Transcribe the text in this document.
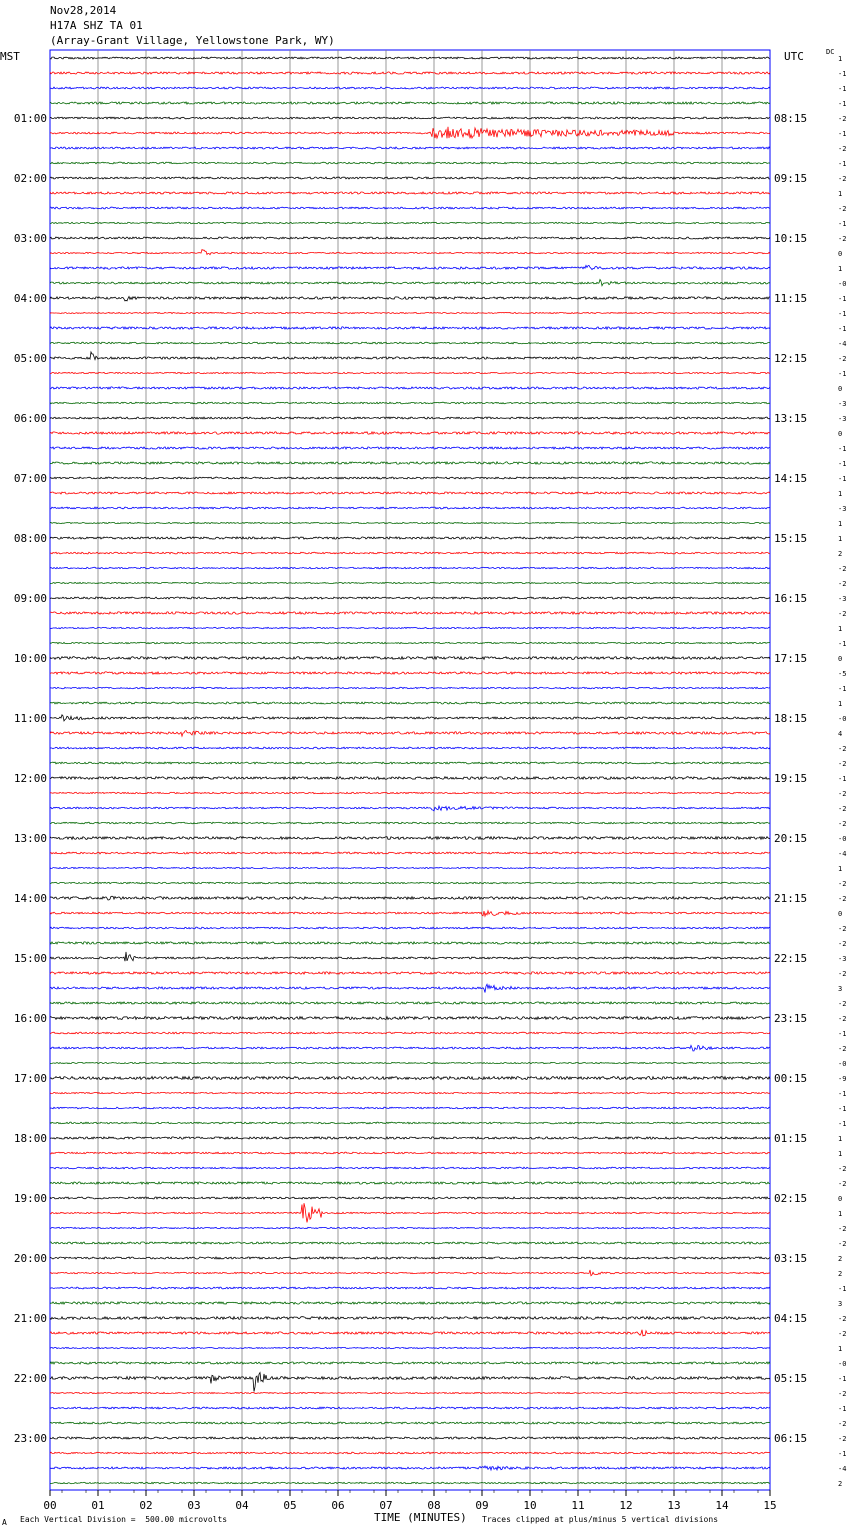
Nov28,2014
H17A SHZ TA 01
(Array-Grant Village, Yellowstone Park, WY)
MST	UTC	DC
00	01	02	03	04	05	06	07	08	09	10	11	12	13	14	15
1
-1
-1
-1
-2
-1
-2
-1
-2
1
-2
-1
-2
0
1
-0
-1
-1
-1
-4
-2
-1
0
-3
-3
0
-1
-1
-1
1
-3
1
1
2
-2
-2
-3
-2
1
-1
0
-5
-1
1
-0
4
-2
-2
-1
-2
-2
-2
-0
-4
1
-2
-2
0
-2
-2
-3
-2
3
-2
-2
-1
-2
-0
-9
-1
-1
-1
1
1
-2
-2
0
1
-2
-2
2
2
-1
3
-2
-2
1
-0
-1
-2
-1
-2
-2
-1
-4
2
01:00	08:15
02:00	09:15
03:00	10:15
04:00	11:15
05:00	12:15
06:00	13:15
07:00	14:15
08:00	15:15
09:00	16:15
10:00	17:15
11:00	18:15
12:00	19:15
13:00	20:15
14:00	21:15
15:00	22:15
16:00	23:15
17:00	00:15
18:00	01:15
19:00	02:15
20:00	03:15
21:00	04:15
22:00	05:15
23:00	06:15
A Each Vertical Division =  500.00 microvolts	TIME (MINUTES) Traces clipped at plus/minus 5 vertical divisions
